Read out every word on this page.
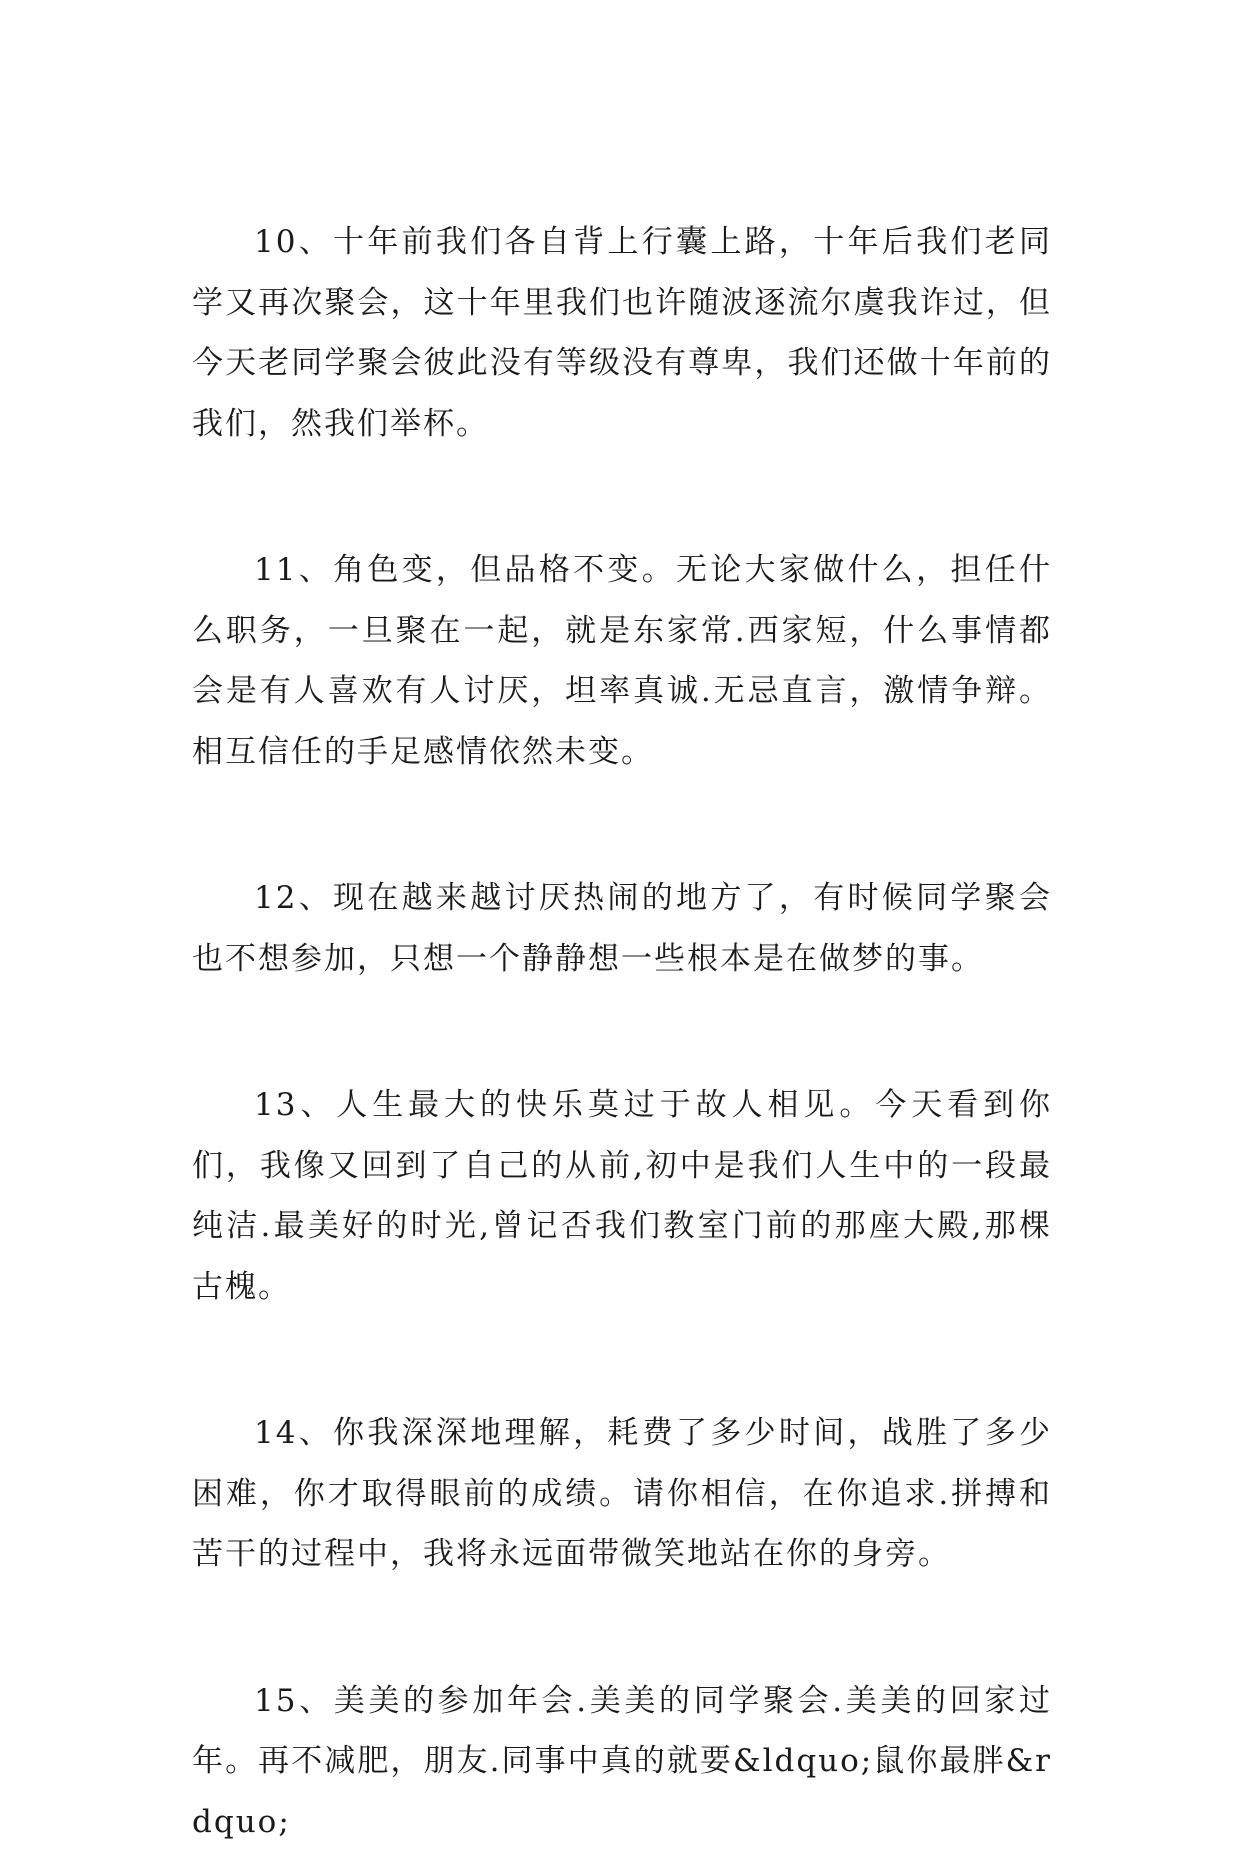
10、十年前我们各自背上行囊上路，十年后我们老同学又再次聚会，这十年里我们也许随波逐流尔虞我诈过，但今天老同学聚会彼此没有等级没有尊卑，我们还做十年前的我们，然我们举杯。

11、角色变，但品格不变。无论大家做什么，担任什么职务，一旦聚在一起，就是东家常.西家短，什么事情都会是有人喜欢有人讨厌，坦率真诚.无忌直言，激情争辩。相互信任的手足感情依然未变。

12、现在越来越讨厌热闹的地方了，有时候同学聚会也不想参加，只想一个静静想一些根本是在做梦的事。

13、人生最大的快乐莫过于故人相见。今天看到你们，我像又回到了自己的从前,初中是我们人生中的一段最纯洁.最美好的时光,曾记否我们教室门前的那座大殿,那棵古槐。

14、你我深深地理解，耗费了多少时间，战胜了多少困难，你才取得眼前的成绩。请你相信，在你追求.拼搏和苦干的过程中，我将永远面带微笑地站在你的身旁。

15、美美的参加年会.美美的同学聚会.美美的回家过年。再不减肥，朋友.同事中真的就要&ldquo;鼠你最胖&rdquo;
